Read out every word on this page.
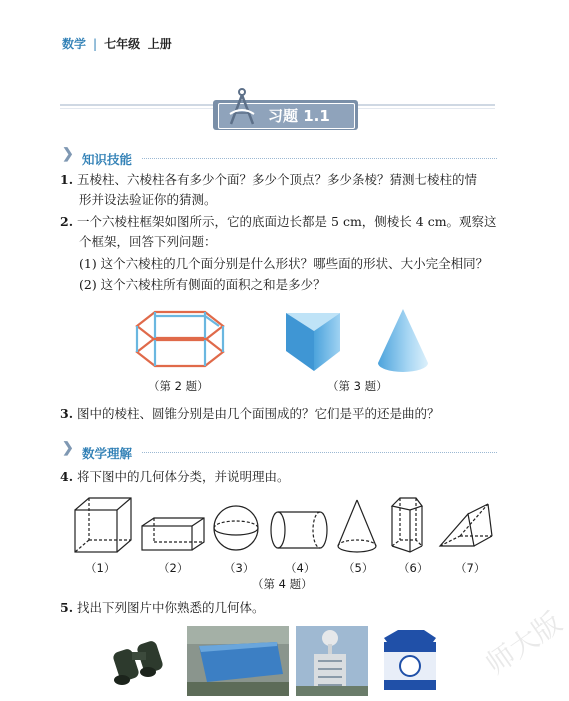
数学 | 七年级 上册
习题 1.1
❯ 知识技能
1. 五棱柱、六棱柱各有多少个面？多少个顶点？多少条棱？猜测七棱柱的情
形并设法验证你的猜测。
2. 一个六棱柱框架如图所示，它的底面边长都是 5 cm，侧棱长 4 cm。观察这
个框架，回答下列问题：
(1) 这个六棱柱的几个面分别是什么形状？哪些面的形状、大小完全相同？
(2) 这个六棱柱所有侧面的面积之和是多少？
（第 2 题）	（第 3 题）
3. 图中的棱柱、圆锥分别是由几个面围成的？它们是平的还是曲的？
❯ 数学理解
4. 将下图中的几何体分类，并说明理由。
（1）	（2）	（3）	（4） （5） （6） （7）
（第 4 题）
5. 找出下列图片中你熟悉的几何体。	师大版
